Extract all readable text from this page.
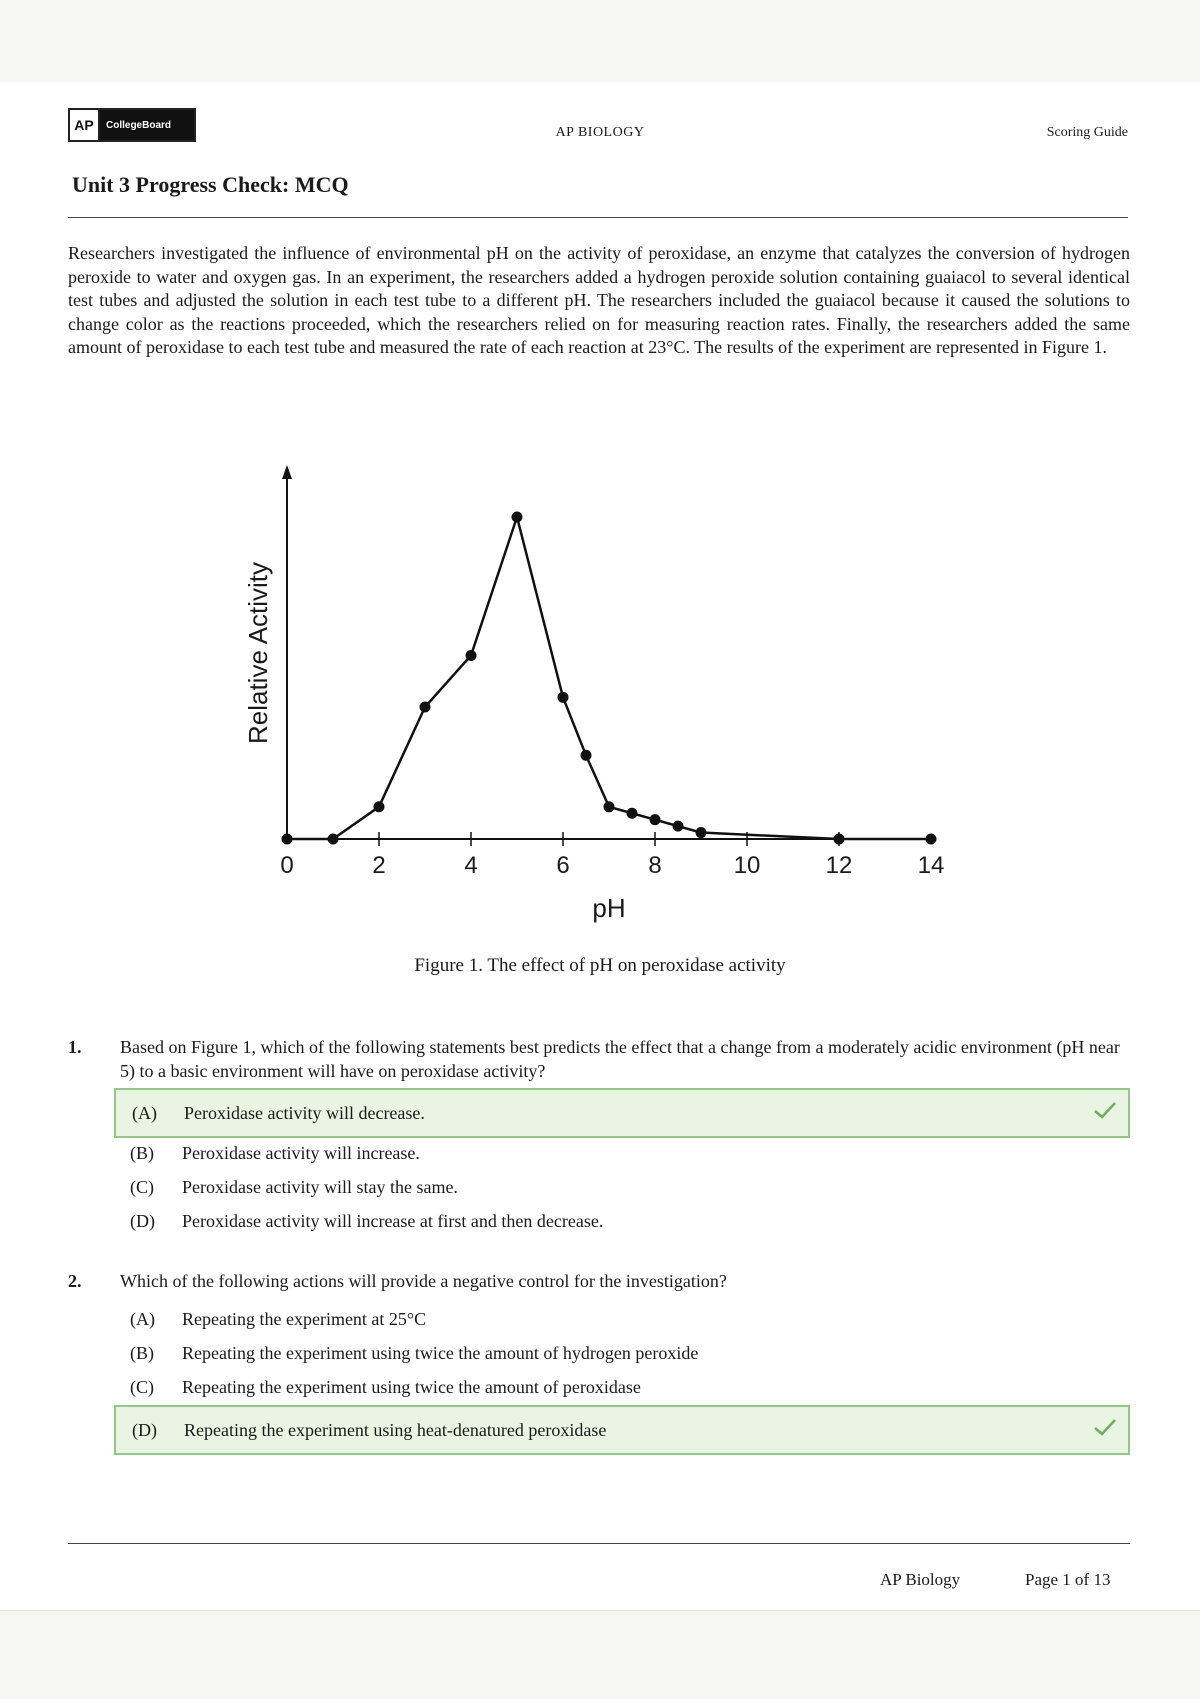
AP	CollegeBoard	AP BIOLOGY	Scoring Guide
Unit 3 Progress Check: MCQ
Researchers investigated the influence of environmental pH on the activity of peroxidase, an enzyme that catalyzes the conversion of hydrogen peroxide to water and oxygen gas. In an experiment, the researchers added a hydrogen peroxide solution containing guaiacol to several identical test tubes and adjusted the solution in each test tube to a different pH. The researchers included the guaiacol because it caused the solutions to change color as the reactions proceeded, which the researchers relied on for measuring reaction rates. Finally, the researchers added the same amount of peroxidase to each test tube and measured the rate of each reaction at 23°C. The results of the experiment are represented in Figure 1.
0	2	4	6	8	10	12	14
Relative Activity
pH
Figure 1. The effect of pH on peroxidase activity
1. Based on Figure 1, which of the following statements best predicts the effect that a change from a moderately acidic environment (pH near 5) to a basic environment will have on peroxidase activity?
(A)	Peroxidase activity will decrease.
(B)	Peroxidase activity will increase.
(C)	Peroxidase activity will stay the same.
(D)	Peroxidase activity will increase at first and then decrease.
2. Which of the following actions will provide a negative control for the investigation?
(A)	Repeating the experiment at 25°C
(B)	Repeating the experiment using twice the amount of hydrogen peroxide
(C)	Repeating the experiment using twice the amount of peroxidase
(D)	Repeating the experiment using heat-denatured peroxidase
AP Biology	Page 1 of 13
